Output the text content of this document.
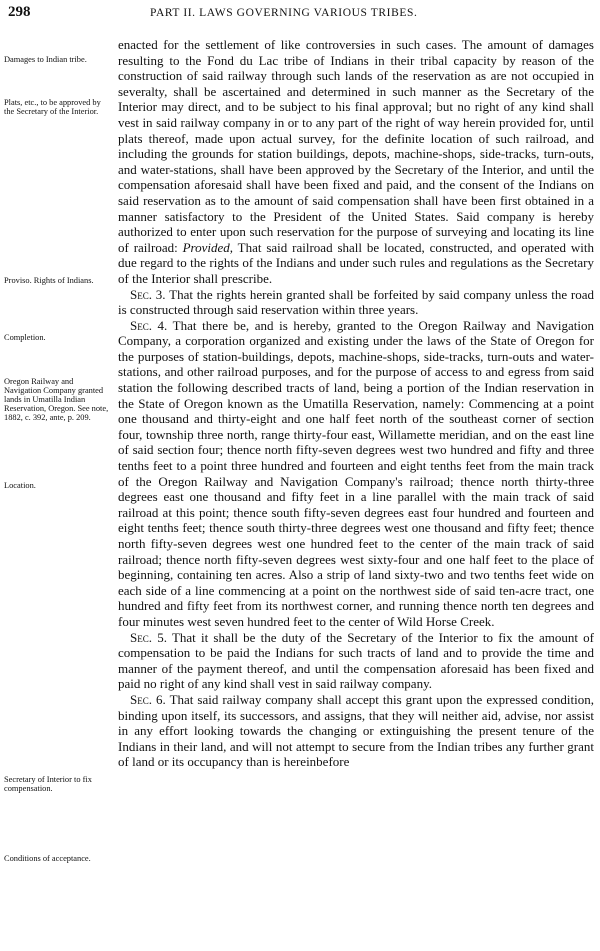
298	PART II. LAWS GOVERNING VARIOUS TRIBES.
Damages to Indian tribe.
Plats, etc., to be approved by the Secretary of the Interior.
Proviso. Rights of Indians.
Completion.
Oregon Railway and Navigation Company granted lands in Umatilla Indian Reservation, Oregon. See note, 1882, c. 392, ante, p. 209.
Location.
Secretary of Interior to fix compensation.
Conditions of acceptance.

enacted for the settlement of like controversies in such cases. The amount of damages resulting to the Fond du Lac tribe of Indians in their tribal capacity by reason of the construction of said railway through such lands of the reservation as are not occupied in severalty, shall be ascertained and determined in such manner as the Secretary of the Interior may direct, and to be subject to his final approval; but no right of any kind shall vest in said railway company in or to any part of the right of way herein provided for, until plats thereof, made upon actual survey, for the definite location of such railroad, and including the grounds for station buildings, depots, machine-shops, side-tracks, turn-outs, and water-stations, shall have been approved by the Secretary of the Interior, and until the compensation aforesaid shall have been fixed and paid, and the consent of the Indians on said reservation as to the amount of said compensation shall have been first obtained in a manner satisfactory to the President of the United States. Said company is hereby authorized to enter upon such reservation for the purpose of surveying and locating its line of railroad: Provided, That said railroad shall be located, constructed, and operated with due regard to the rights of the Indians and under such rules and regulations as the Secretary of the Interior shall prescribe.

Sec. 3. That the rights herein granted shall be forfeited by said company unless the road is constructed through said reservation within three years.

Sec. 4. That there be, and is hereby, granted to the Oregon Railway and Navigation Company, a corporation organized and existing under the laws of the State of Oregon for the purposes of station-buildings, depots, machine-shops, side-tracks, turn-outs and water-stations, and other railroad purposes, and for the purpose of access to and egress from said station the following described tracts of land, being a portion of the Indian reservation in the State of Oregon known as the Umatilla Reservation, namely: Commencing at a point one thousand and thirty-eight and one half feet north of the southeast corner of section four, township three north, range thirty-four east, Willamette meridian, and on the east line of said section four; thence north fifty-seven degrees west two hundred and fifty and three tenths feet to a point three hundred and fourteen and eight tenths feet from the main track of the Oregon Railway and Navigation Company's railroad; thence north thirty-three degrees east one thousand and fifty feet in a line parallel with the main track of said railroad at this point; thence south fifty-seven degrees east four hundred and fourteen and eight tenths feet; thence south thirty-three degrees west one thousand and fifty feet; thence north fifty-seven degrees west one hundred feet to the center of the main track of said railroad; thence north fifty-seven degrees west sixty-four and one half feet to the place of beginning, containing ten acres. Also a strip of land sixty-two and two tenths feet wide on each side of a line commencing at a point on the northwest side of said ten-acre tract, one hundred and fifty feet from its northwest corner, and running thence north ten degrees and four minutes west seven hundred feet to the center of Wild Horse Creek.

Sec. 5. That it shall be the duty of the Secretary of the Interior to fix the amount of compensation to be paid the Indians for such tracts of land and to provide the time and manner of the payment thereof, and until the compensation aforesaid has been fixed and paid no right of any kind shall vest in said railway company.

Sec. 6. That said railway company shall accept this grant upon the expressed condition, binding upon itself, its successors, and assigns, that they will neither aid, advise, nor assist in any effort looking towards the changing or extinguishing the present tenure of the Indians in their land, and will not attempt to secure from the Indian tribes any further grant of land or its occupancy than is hereinbefore
